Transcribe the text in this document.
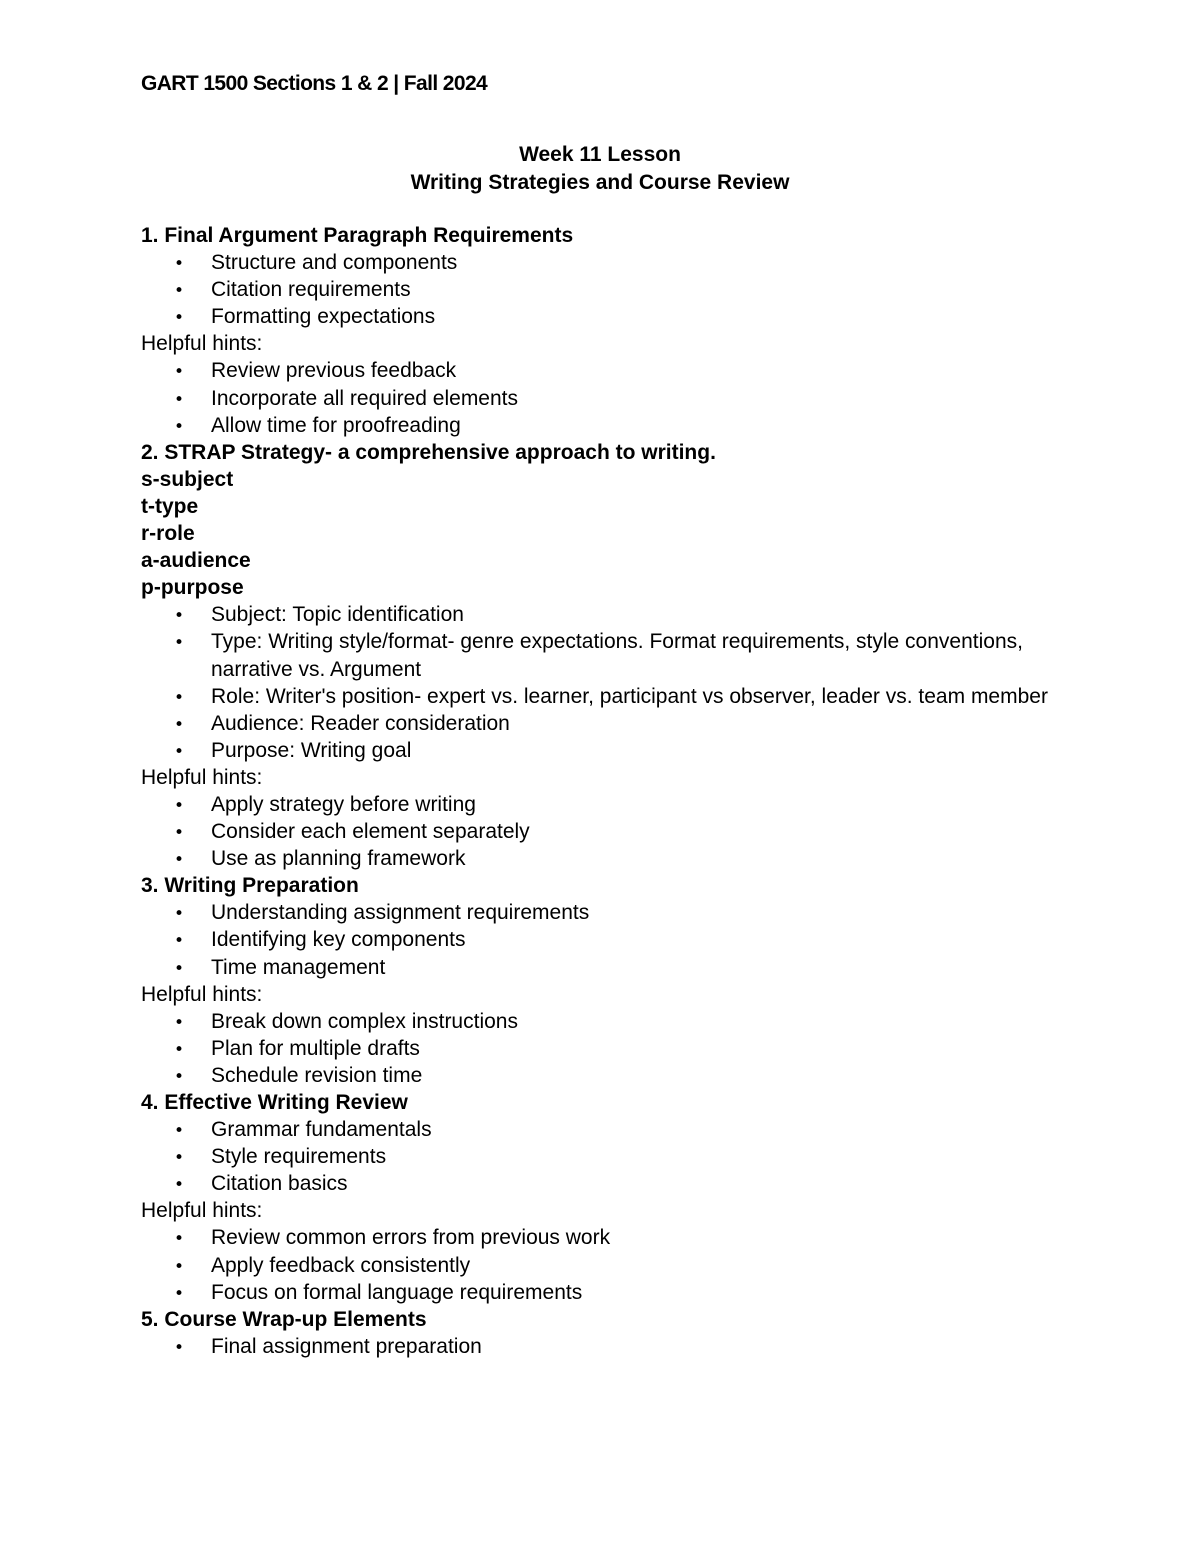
GART 1500 Sections 1 & 2 | Fall 2024
Week 11 Lesson
Writing Strategies and Course Review
1. Final Argument Paragraph Requirements
•
Structure and components
•
Citation requirements
•
Formatting expectations
Helpful hints:
•
Review previous feedback
•
Incorporate all required elements
•
Allow time for proofreading
2. STRAP Strategy- a comprehensive approach to writing.
s-subject
t-type
r-role
a-audience
p-purpose
•
Subject: Topic identification
•
Type: Writing style/format- genre expectations. Format requirements, style conventions, narrative vs. Argument
•
Role: Writer's position- expert vs. learner, participant vs observer, leader vs. team member
•
Audience: Reader consideration
•
Purpose: Writing goal
Helpful hints:
•
Apply strategy before writing
•
Consider each element separately
•
Use as planning framework
3. Writing Preparation
•
Understanding assignment requirements
•
Identifying key components
•
Time management
Helpful hints:
•
Break down complex instructions
•
Plan for multiple drafts
•
Schedule revision time
4. Effective Writing Review
•
Grammar fundamentals
•
Style requirements
•
Citation basics
Helpful hints:
•
Review common errors from previous work
•
Apply feedback consistently
•
Focus on formal language requirements
5. Course Wrap-up Elements
•
Final assignment preparation
